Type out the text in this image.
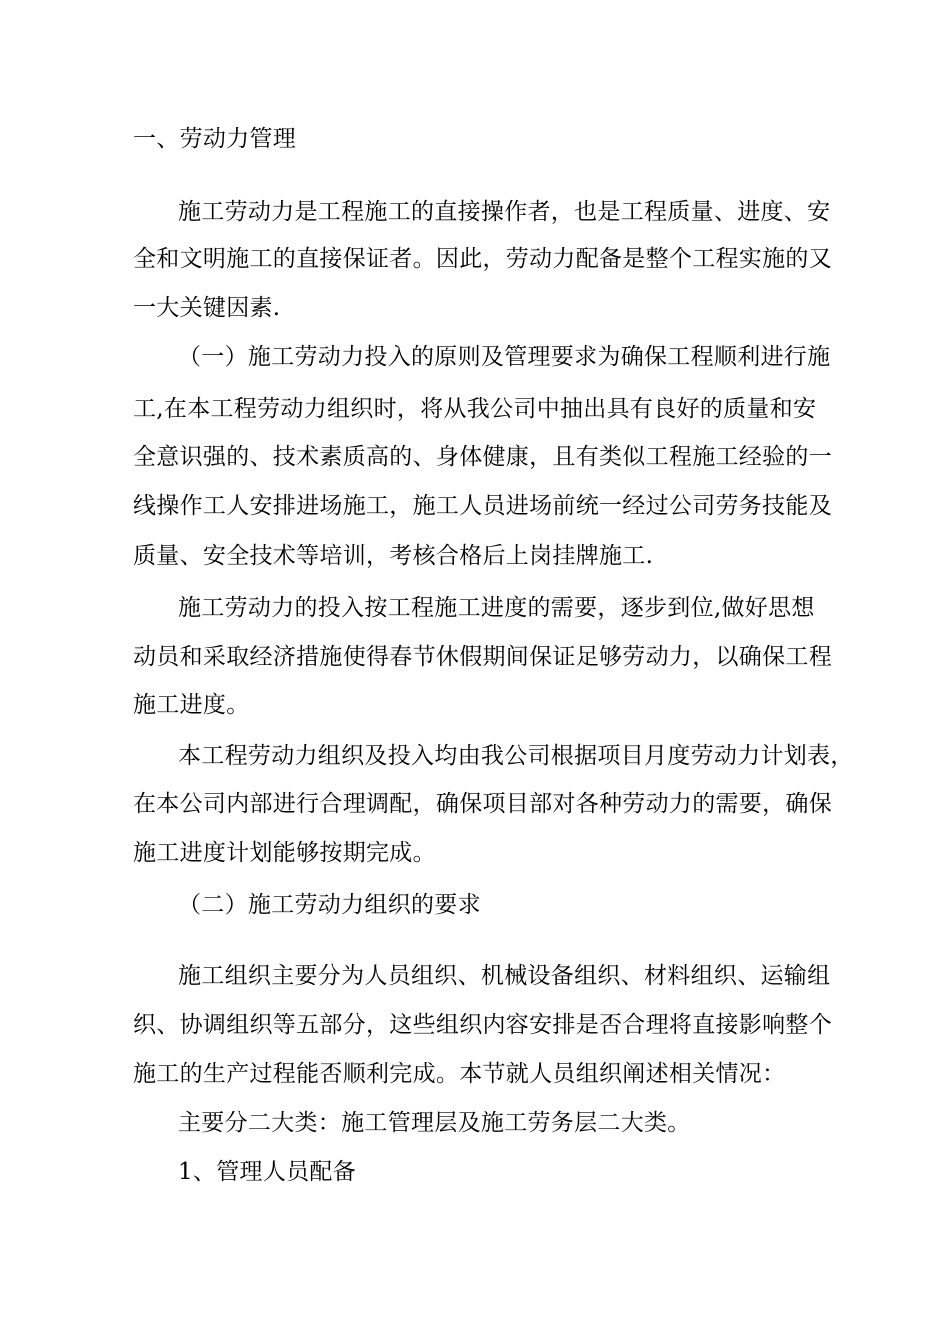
一、劳动力管理
施工劳动力是工程施工的直接操作者，也是工程质量、进度、安
全和文明施工的直接保证者。因此，劳动力配备是整个工程实施的又
一大关键因素.
（一）施工劳动力投入的原则及管理要求为确保工程顺利进行施
工,在本工程劳动力组织时，将从我公司中抽出具有良好的质量和安
全意识强的、技术素质高的、身体健康，且有类似工程施工经验的一
线操作工人安排进场施工，施工人员进场前统一经过公司劳务技能及
质量、安全技术等培训，考核合格后上岗挂牌施工.
施工劳动力的投入按工程施工进度的需要，逐步到位,做好思想
动员和采取经济措施使得春节休假期间保证足够劳动力，以确保工程
施工进度。
本工程劳动力组织及投入均由我公司根据项目月度劳动力计划表，
在本公司内部进行合理调配，确保项目部对各种劳动力的需要，确保
施工进度计划能够按期完成。
（二）施工劳动力组织的要求
施工组织主要分为人员组织、机械设备组织、材料组织、运输组
织、协调组织等五部分，这些组织内容安排是否合理将直接影响整个
施工的生产过程能否顺利完成。本节就人员组织阐述相关情况：
主要分二大类：施工管理层及施工劳务层二大类。
1、管理人员配备
